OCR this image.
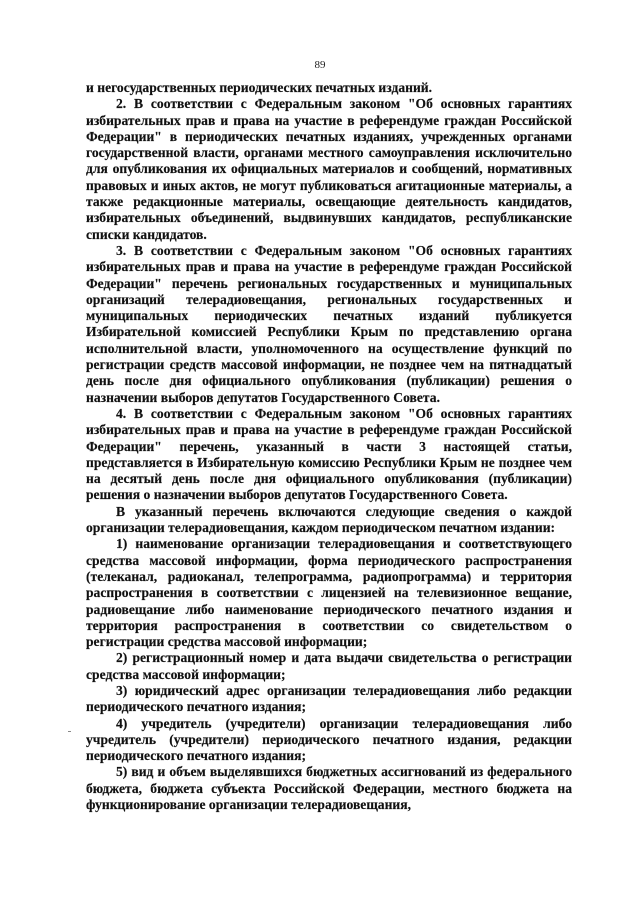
89

и негосударственных периодических печатных изданий.

2. В соответствии с Федеральным законом "Об основных гарантиях избирательных прав и права на участие в референдуме граждан Российской Федерации" в периодических печатных изданиях, учрежденных органами государственной власти, органами местного самоуправления исключительно для опубликования их официальных материалов и сообщений, нормативных правовых и иных актов, не могут публиковаться агитационные материалы, а также редакционные материалы, освещающие деятельность кандидатов, избирательных объединений, выдвинувших кандидатов, республиканские списки кандидатов.

3. В соответствии с Федеральным законом "Об основных гарантиях избирательных прав и права на участие в референдуме граждан Российской Федерации" перечень региональных государственных и муниципальных организаций телерадиовещания, региональных государственных и муниципальных периодических печатных изданий публикуется Избирательной комиссией Республики Крым по представлению органа исполнительной власти, уполномоченного на осуществление функций по регистрации средств массовой информации, не позднее чем на пятнадцатый день после дня официального опубликования (публикации) решения о назначении выборов депутатов Государственного Совета.

4. В соответствии с Федеральным законом "Об основных гарантиях избирательных прав и права на участие в референдуме граждан Российской Федерации" перечень, указанный в части 3 настоящей статьи, представляется в Избирательную комиссию Республики Крым не позднее чем на десятый день после дня официального опубликования (публикации) решения о назначении выборов депутатов Государственного Совета.

В указанный перечень включаются следующие сведения о каждой организации телерадиовещания, каждом периодическом печатном издании:

1) наименование организации телерадиовещания и соответствующего средства массовой информации, форма периодического распространения (телеканал, радиоканал, телепрограмма, радиопрограмма) и территория распространения в соответствии с лицензией на телевизионное вещание, радиовещание либо наименование периодического печатного издания и территория распространения в соответствии со свидетельством о регистрации средства массовой информации;

2) регистрационный номер и дата выдачи свидетельства о регистрации средства массовой информации;

3) юридический адрес организации телерадиовещания либо редакции периодического печатного издания;

4) учредитель (учредители) организации телерадиовещания либо учредитель (учредители) периодического печатного издания, редакции периодического печатного издания;

5) вид и объем выделявшихся бюджетных ассигнований из федерального бюджета, бюджета субъекта Российской Федерации, местного бюджета на функционирование организации телерадиовещания,
